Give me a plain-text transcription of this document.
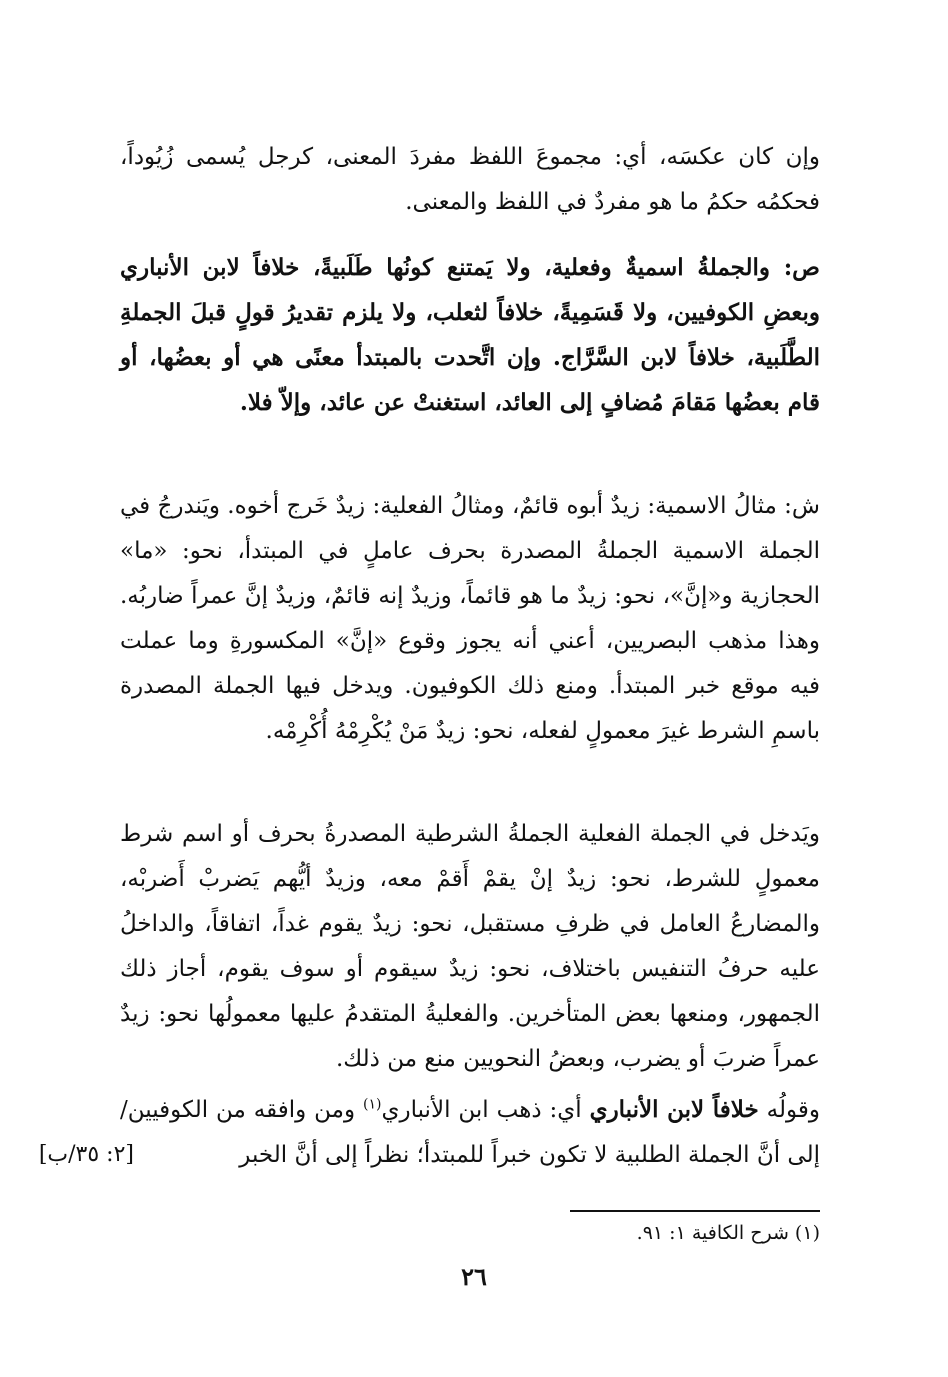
وإن كان عكسَه، أي: مجموعَ اللفظ مفردَ المعنى، كرجل يُسمى زُيُوداً، فحكمُه حكمُ ما هو مفردٌ في اللفظ والمعنى.

ص: والجملةُ اسميةٌ وفعلية، ولا يَمتنع كونُها طَلَبيةً، خلافاً لابن الأنباري وبعضِ الكوفيين، ولا قَسَمِيةً، خلافاً لثعلب، ولا يلزم تقديرُ قولٍ قبلَ الجملةِ الطَّلَبية، خلافاً لابن السَّرَّاج. وإن اتَّحدت بالمبتدأ معنًى هي أو بعضُها، أو قام بعضُها مَقامَ مُضافٍ إلى العائد، استغنتْ عن عائد، وإلاّ فلا.

ش: مثالُ الاسمية: زيدٌ أبوه قائمٌ، ومثالُ الفعلية: زيدٌ خَرج أخوه. ويَندرجُ في الجملة الاسمية الجملةُ المصدرة بحرف عاملٍ في المبتدأ، نحو: «ما» الحجازية و«إنَّ»، نحو: زيدٌ ما هو قائماً، وزيدٌ إنه قائمٌ، وزيدٌ إنَّ عمراً ضاربُه. وهذا مذهب البصريين، أعني أنه يجوز وقوع «إنَّ» المكسورةِ وما عملت فيه موقع خبر المبتدأ. ومنع ذلك الكوفيون. ويدخل فيها الجملة المصدرة باسمِ الشرط غيرَ معمولٍ لفعله، نحو: زيدٌ مَنْ يُكْرِمْهُ أُكْرِمْه.

ويَدخل في الجملة الفعلية الجملةُ الشرطية المصدرةُ بحرف أو اسم شرط معمولٍ للشرط، نحو: زيدٌ إنْ يقمْ أَقمْ معه، وزيدٌ أيُّهم يَضربْ أَضربْه، والمضارعُ العامل في ظرفِ مستقبل، نحو: زيدٌ يقوم غداً، اتفاقاً، والداخلُ عليه حرفُ التنفيس باختلاف، نحو: زيدٌ سيقوم أو سوف يقوم، أجاز ذلك الجمهور، ومنعها بعض المتأخرين. والفعليةُ المتقدمُ عليها معمولُها نحو: زيدٌ عمراً ضربَ أو يضرب، وبعضُ النحويين منع من ذلك.

وقولُه خلافاً لابن الأنباري أي: ذهب ابن الأنباري$^{(١)}$ ومن وافقه من الكوفيين/ إلى أنَّ الجملة الطلبية لا تكون خبراً للمبتدأ؛ نظراً إلى أنَّ الخبر

[٢: ٣٥/ب]
(١) شرح الكافية ١: ٩١.
٢٦
